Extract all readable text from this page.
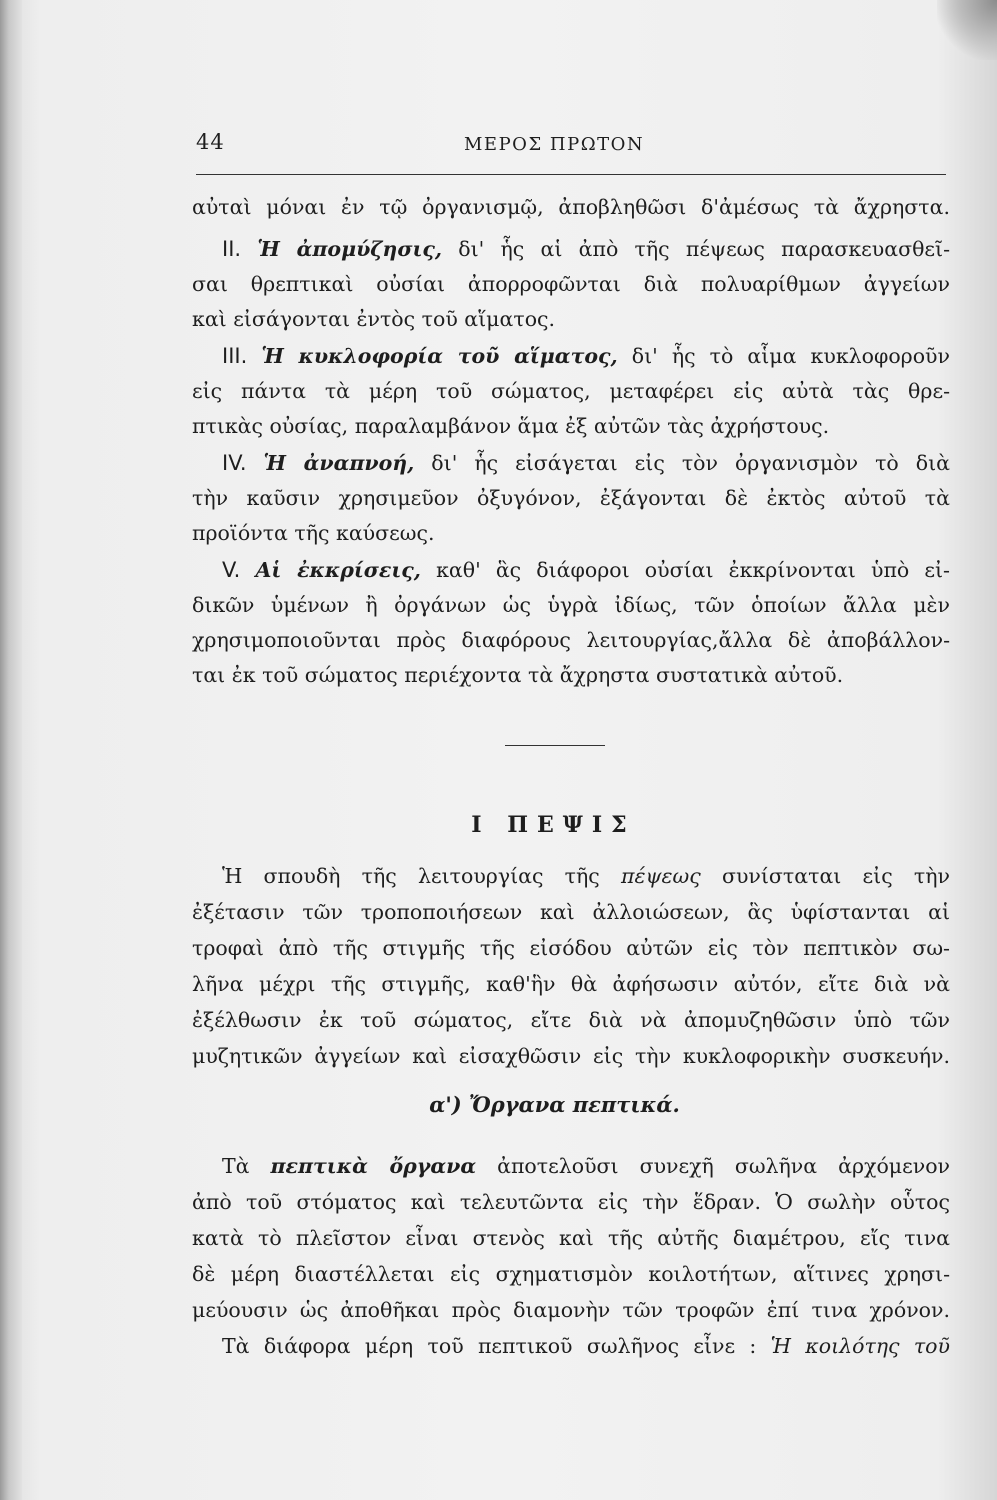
44	ΜΕΡΟΣ ΠΡΩΤΟΝ
αὐταὶ μόναι ἐν τῷ ὀργανισμῷ, ἀποβληθῶσι δ'ἀμέσως τὰ ἄχρηστα.
II. Ἡ ἀπομύζησις, δι' ἧς αἱ ἀπὸ τῆς πέψεως παρασκευασθεῖ-
σαι θρεπτικαὶ οὐσίαι ἀπορροφῶνται διὰ πολυαρίθμων ἀγγείων
καὶ εἰσάγονται ἐντὸς τοῦ αἵματος.
III. Ἡ κυκλοφορία τοῦ αἵματος, δι' ἧς τὸ αἷμα κυκλοφοροῦν
εἰς πάντα τὰ μέρη τοῦ σώματος, μεταφέρει εἰς αὐτὰ τὰς θρε-
πτικὰς οὐσίας, παραλαμβάνον ἅμα ἐξ αὐτῶν τὰς ἀχρήστους.
IV. Ἡ ἀναπνοή, δι' ἧς εἰσάγεται εἰς τὸν ὀργανισμὸν τὸ διὰ
τὴν καῦσιν χρησιμεῦον ὀξυγόνον, ἐξάγονται δὲ ἐκτὸς αὐτοῦ τὰ
προϊόντα τῆς καύσεως.
V. Αἱ ἐκκρίσεις, καθ' ἃς διάφοροι οὐσίαι ἐκκρίνονται ὑπὸ εἰ-
δικῶν ὑμένων ἢ ὀργάνων ὡς ὑγρὰ ἰδίως, τῶν ὁποίων ἄλλα μὲν
χρησιμοποιοῦνται πρὸς διαφόρους λειτουργίας,ἄλλα δὲ ἀποβάλλον-
ται ἐκ τοῦ σώματος περιέχοντα τὰ ἄχρηστα συστατικὰ αὐτοῦ.
Ι ΠΕΨΙΣ
Ἡ σπουδὴ τῆς λειτουργίας τῆς πέψεως συνίσταται εἰς τὴν
ἐξέτασιν τῶν τροποποιήσεων καὶ ἀλλοιώσεων, ἃς ὑφίστανται αἱ
τροφαὶ ἀπὸ τῆς στιγμῆς τῆς εἰσόδου αὐτῶν εἰς τὸν πεπτικὸν σω-
λῆνα μέχρι τῆς στιγμῆς, καθ'ἣν θὰ ἀφήσωσιν αὐτόν, εἴτε διὰ νὰ
ἐξέλθωσιν ἐκ τοῦ σώματος, εἴτε διὰ νὰ ἀπομυζηθῶσιν ὑπὸ τῶν
μυζητικῶν ἀγγείων καὶ εἰσαχθῶσιν εἰς τὴν κυκλοφορικὴν συσκευήν.
α') Ὄργανα πεπτικά.
Τὰ πεπτικὰ ὄργανα ἀποτελοῦσι συνεχῆ σωλῆνα ἀρχόμενον
ἀπὸ τοῦ στόματος καὶ τελευτῶντα εἰς τὴν ἕδραν. Ὁ σωλὴν οὗτος
κατὰ τὸ πλεῖστον εἶναι στενὸς καὶ τῆς αὐτῆς διαμέτρου, εἴς τινα
δὲ μέρη διαστέλλεται εἰς σχηματισμὸν κοιλοτήτων, αἵτινες χρησι-
μεύουσιν ὡς ἀποθῆκαι πρὸς διαμονὴν τῶν τροφῶν ἐπί τινα χρόνον.
Τὰ διάφορα μέρη τοῦ πεπτικοῦ σωλῆνος εἶνε : Ἡ κοιλότης τοῦ
